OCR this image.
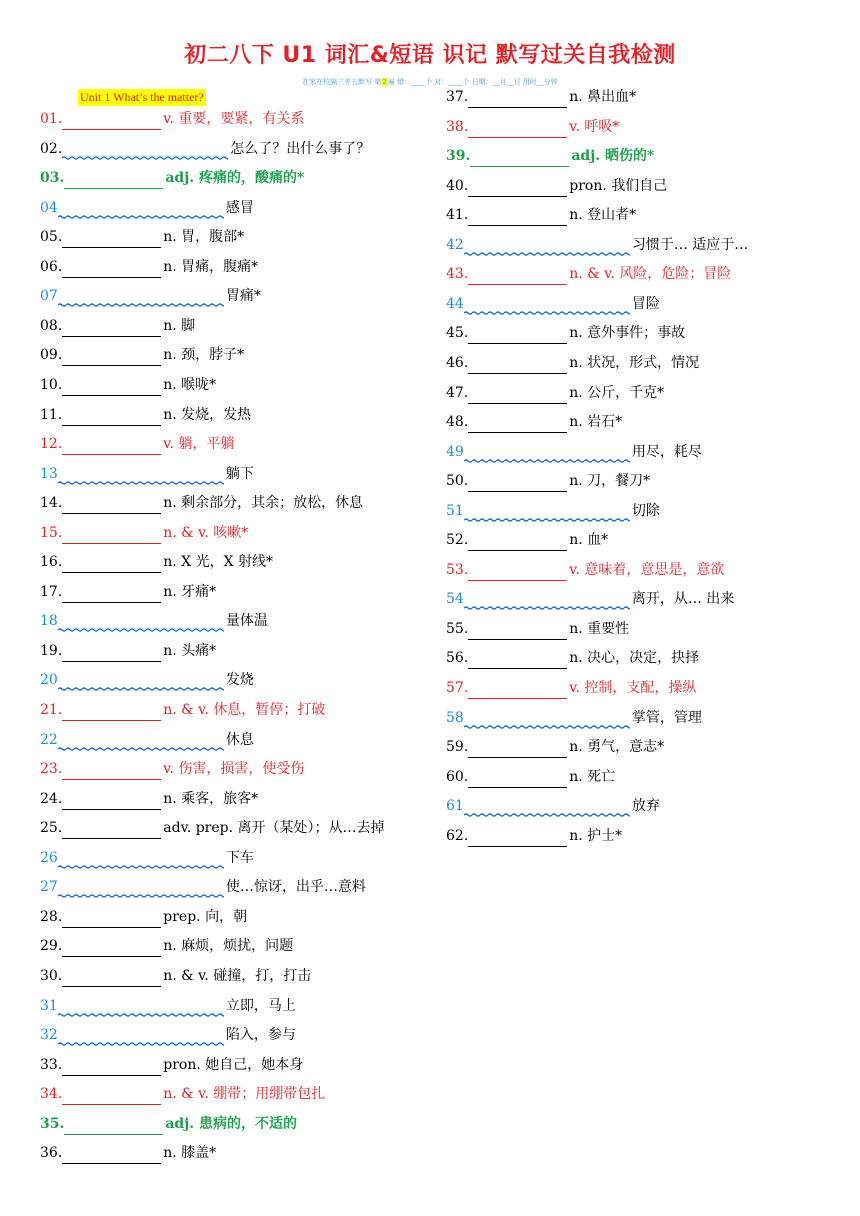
初二八下 U1 词汇&短语 识记 默写过关自我检测
在家在校隔三差五默写 第2遍 错：____个 对：____个 日期：__月__日 用时__分钟
Unit 1 What’s the matter?
01.	v. 重要，要紧，有关系
02.	怎么了？出什么事了？
03.	adj. 疼痛的，酸痛的*
04	感冒
05.	n. 胃，腹部*
06.	n. 胃痛，腹痛*
07	胃痛*
08.	n. 脚
09.	n. 颈，脖子*
10.	n. 喉咙*
11.	n. 发烧，发热
12.	v. 躺，平躺
13	躺下
14.	n. 剩余部分，其余；放松，休息
15.	n. & v. 咳嗽*
16.	n. X 光，X 射线*
17.	n. 牙痛*
18	量体温
19.	n. 头痛*
20	发烧
21.	n. & v. 休息，暂停；打破
22	休息
23.	v. 伤害，损害，使受伤
24.	n. 乘客，旅客*
25.	adv. prep. 离开（某处）；从…去掉
26	下车
27	使…惊讶，出乎…意料
28.	prep. 向，朝
29.	n. 麻烦，烦扰，问题
30.	n. & v. 碰撞，打，打击
31	立即，马上
32	陷入，参与
33.	pron. 她自己，她本身
34.	n. & v. 绷带；用绷带包扎
35.	adj. 患病的，不适的
36.	n. 膝盖*
37.	n. 鼻出血*
38.	v. 呼吸*
39.	adj. 晒伤的*
40.	pron. 我们自己
41.	n. 登山者*
42	习惯于… 适应于…
43.	n. & v. 风险，危险；冒险
44	冒险
45.	n. 意外事件；事故
46.	n. 状况，形式，情况
47.	n. 公斤，千克*
48.	n. 岩石*
49	用尽，耗尽
50.	n. 刀，餐刀*
51	切除
52.	n. 血*
53.	v. 意味着，意思是，意欲
54	离开，从… 出来
55.	n. 重要性
56.	n. 决心，决定，抉择
57.	v. 控制，支配，操纵
58	掌管，管理
59.	n. 勇气，意志*
60.	n. 死亡
61	放弃
62.	n. 护士*
